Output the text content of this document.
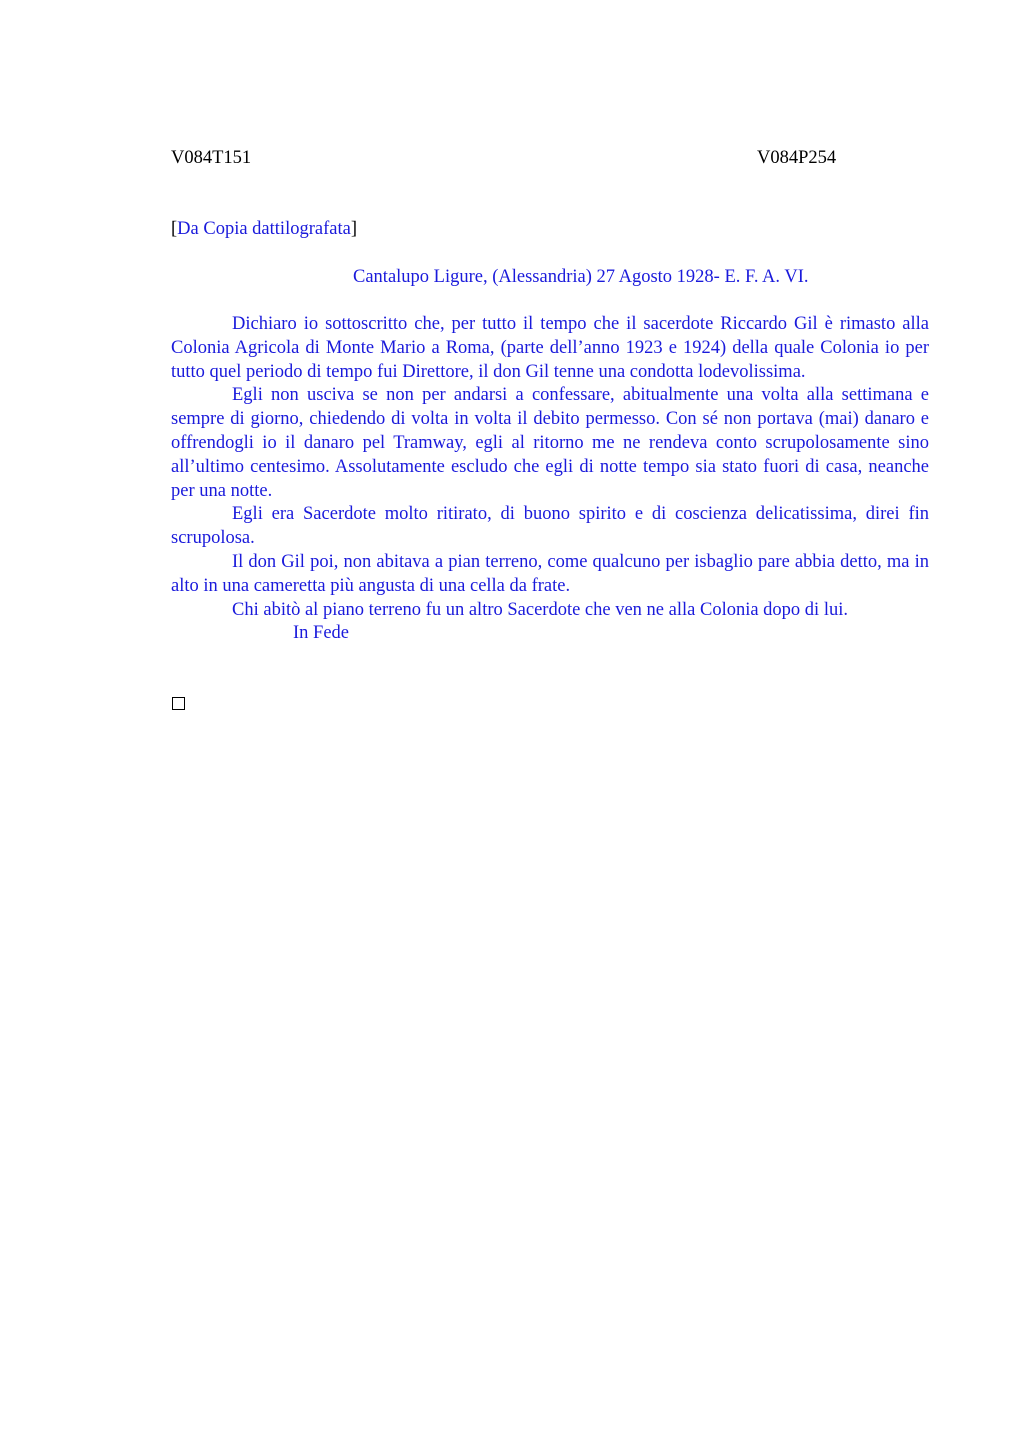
V084T151	V084P254
[Da Copia dattilografata]
Cantalupo Ligure, (Alessandria) 27 Agosto 1928- E. F. A. VI.

Dichiaro io sottoscritto che, per tutto il tempo che il sacerdote Riccardo Gil è rimasto alla Colonia Agricola di Monte Mario a Roma, (parte dell’anno 1923 e 1924) della quale Colonia io per tutto quel periodo di tempo fui Direttore, il don Gil tenne una condotta lodevolissima.

Egli non usciva se non per andarsi a confessare, abitualmente una volta alla settimana e sempre di giorno, chiedendo di volta in volta il debito permesso. Con sé non portava (mai) danaro e offrendogli io il danaro pel Tramway, egli al ritorno me ne rendeva conto scrupolosamente sino all’ultimo centesimo. Assolutamente escludo che egli di notte tempo sia stato fuori di casa, neanche per una notte.

Egli era Sacerdote molto ritirato, di buono spirito e di coscienza delicatissima, direi fin scrupolosa.

Il don Gil poi, non abitava a pian terreno, come qualcuno per isbaglio pare abbia detto, ma in alto in una cameretta più angusta di una cella da frate.

Chi abitò al piano terreno fu un altro Sacerdote che ven ne alla Colonia dopo di lui.

In Fede
